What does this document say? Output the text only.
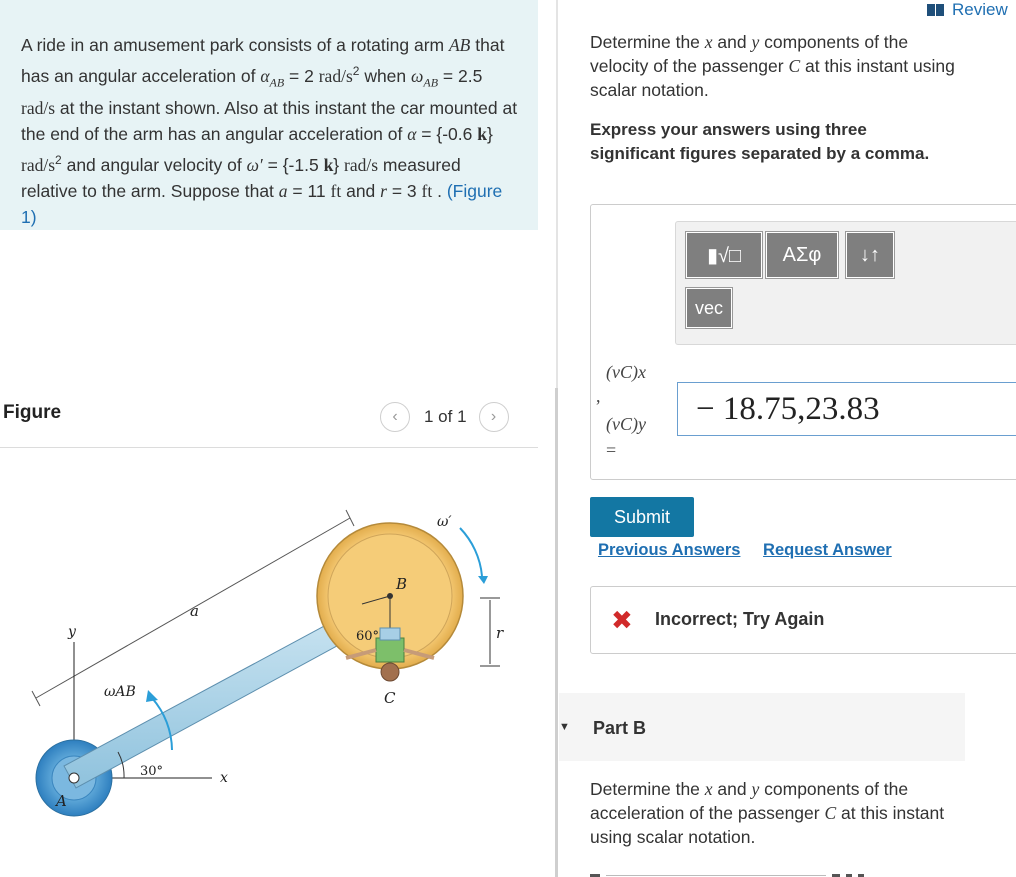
A ride in an amusement park consists of a rotating arm AB that has an angular acceleration of $\alpha_{AB} = 2$ rad/$s^2$ when $\omega_{AB} = 2.5$ rad/s at the instant shown. Also at this instant the car mounted at the end of the arm has an angular acceleration of α = {-0.6 k} rad/$s^2$ and angular velocity of ω′ = {-1.5 k} rad/s measured relative to the arm. Suppose that a = 11 ft and r = 3 ft . (Figure 1)

Figure	‹ 1 of 1 ›
ω′
B
a
y	60°	r
ωAB	C
30°	x
A
Review
Determine the x and y components of the velocity of the passenger C at this instant using scalar notation.
Express your answers using three significant figures separated by a comma.
▮√□ ΑΣφ ↓↑
vec
(vC)x
,
(vC)y
=
− 18.75,23.83
Submit
Previous Answers Request Answer
✖ Incorrect; Try Again
▼ Part B
Determine the x and y components of the acceleration of the passenger C at this instant using scalar notation.
